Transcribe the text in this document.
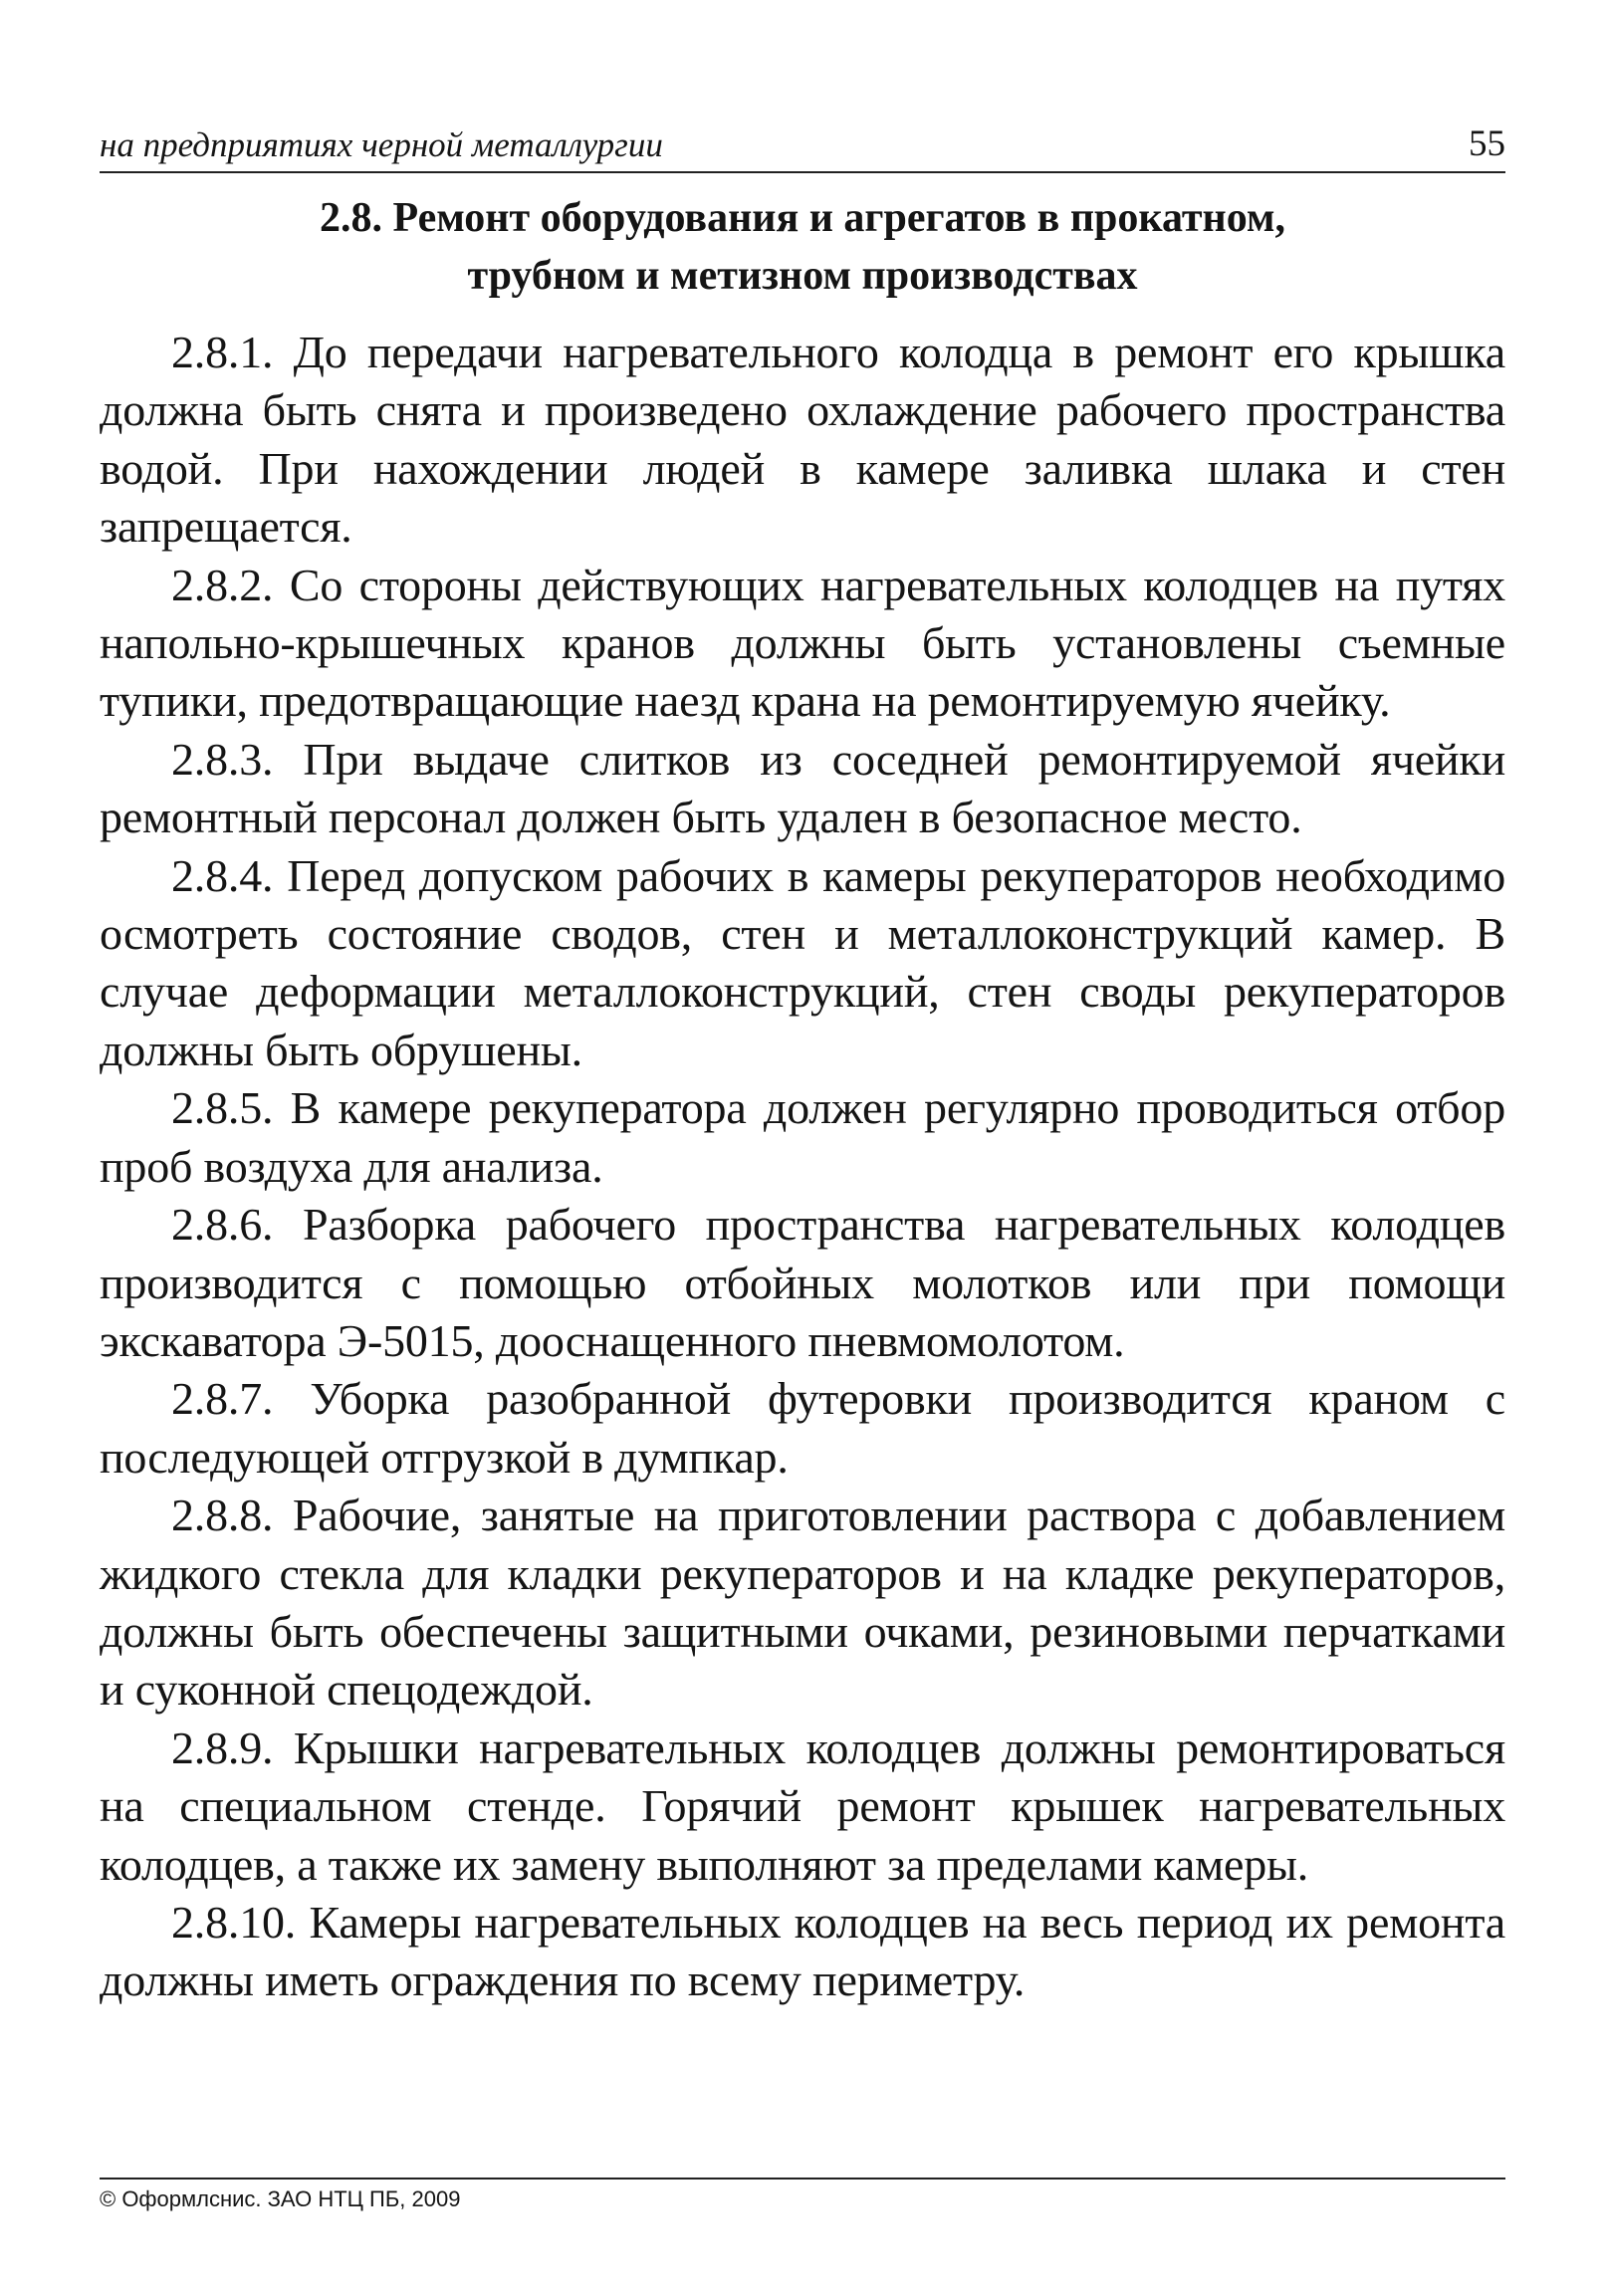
на предприятиях черной металлургии	55
2.8. Ремонт оборудования и агрегатов в прокатном,
трубном и метизном производствах

2.8.1. До передачи нагревательного колодца в ремонт его крышка должна быть снята и произведено охлаждение рабочего пространства водой. При нахождении людей в камере заливка шлака и стен запрещается.

2.8.2. Со стороны действующих нагревательных колодцев на путях напольно-крышечных кранов должны быть установлены съемные тупики, предотвращающие наезд крана на ремонтируемую ячейку.

2.8.3. При выдаче слитков из соседней ремонтируемой ячейки ремонтный персонал должен быть удален в безопасное место.

2.8.4. Перед допуском рабочих в камеры рекуператоров необходимо осмотреть состояние сводов, стен и металлоконструкций камер. В случае деформации металлоконструкций, стен своды рекуператоров должны быть обрушены.

2.8.5. В камере рекуператора должен регулярно проводиться отбор проб воздуха для анализа.

2.8.6. Разборка рабочего пространства нагревательных колодцев производится с помощью отбойных молотков или при помощи экскаватора Э-5015, дооснащенного пневмомолотом.

2.8.7. Уборка разобранной футеровки производится краном с последующей отгрузкой в думпкар.

2.8.8. Рабочие, занятые на приготовлении раствора с добавлением жидкого стекла для кладки рекуператоров и на кладке рекуператоров, должны быть обеспечены защитными очками, резиновыми перчатками и суконной спецодеждой.

2.8.9. Крышки нагревательных колодцев должны ремонтироваться на специальном стенде. Горячий ремонт крышек нагревательных колодцев, а также их замену выполняют за пределами камеры.

2.8.10. Камеры нагревательных колодцев на весь период их ремонта должны иметь ограждения по всему периметру.

© Оформлснис. ЗАО НТЦ ПБ, 2009
